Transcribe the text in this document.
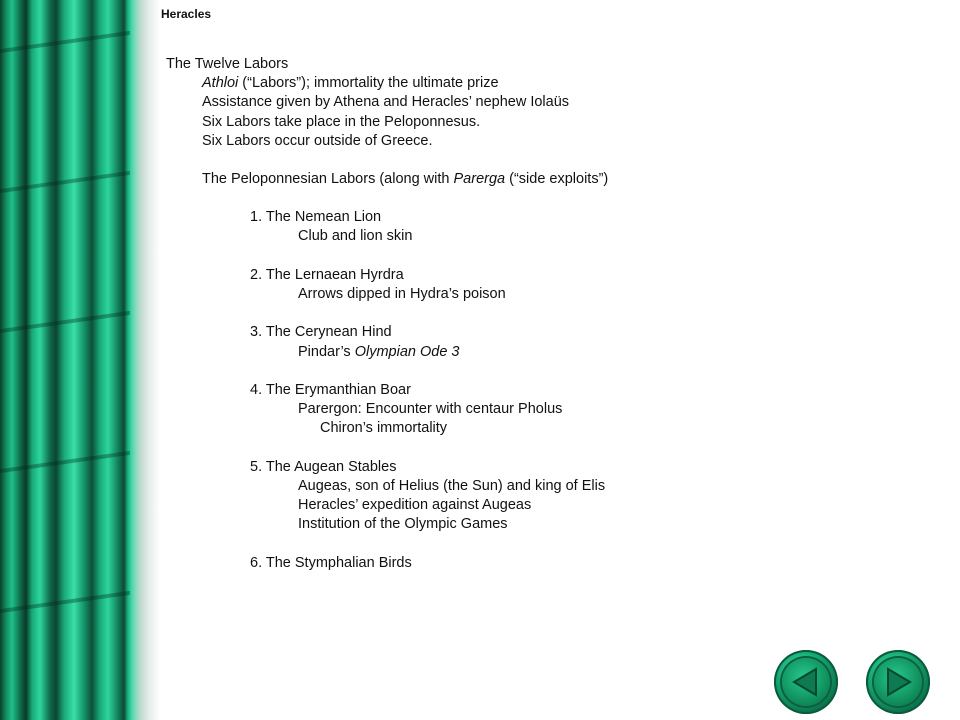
Heracles
The Twelve Labors
Athloi (“Labors”); immortality the ultimate prize
Assistance given by Athena and Heracles’ nephew Iolaüs
Six Labors take place in the Peloponnesus.
Six Labors occur outside of Greece.
The Peloponnesian Labors (along with Parerga (“side exploits”)
1. The Nemean Lion
Club and lion skin
2. The Lernaean Hyrdra
Arrows dipped in Hydra’s poison
3. The Cerynean Hind
Pindar’s Olympian Ode 3
4. The Erymanthian Boar
Parergon: Encounter with centaur Pholus
Chiron’s immortality
5. The Augean Stables
Augeas, son of Helius (the Sun) and king of Elis
Heracles’ expedition against Augeas
Institution of the Olympic Games
6. The Stymphalian Birds
